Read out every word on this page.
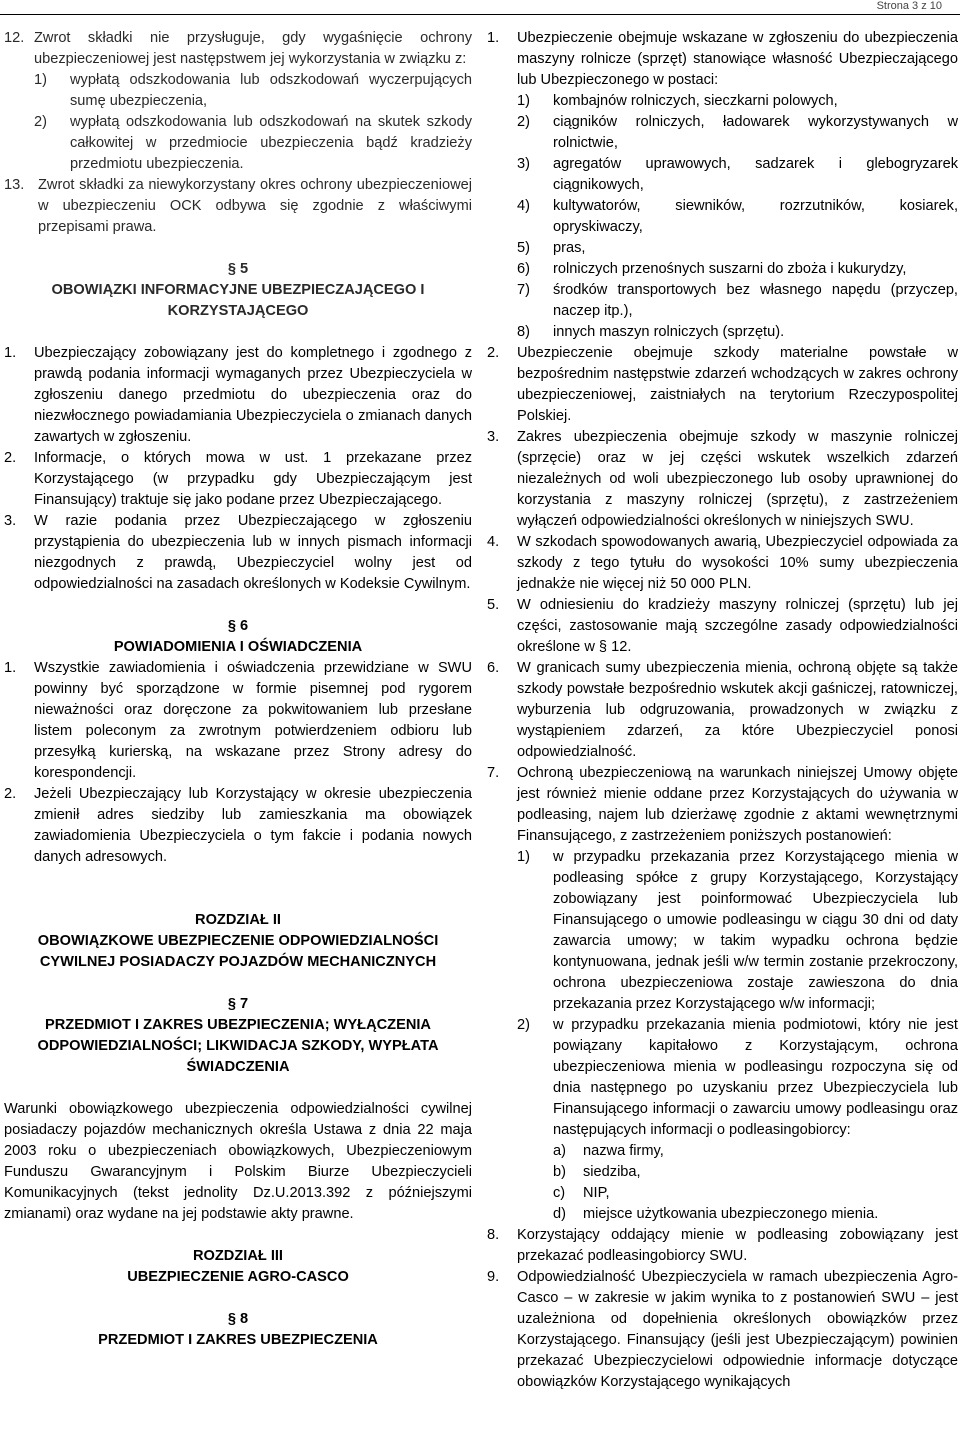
Strona 3 z 10
12. Zwrot składki nie przysługuje, gdy wygaśnięcie ochrony ubezpieczeniowej jest następstwem jej wykorzystania w związku z:
1) wypłatą odszkodowania lub odszkodowań wyczerpujących sumę ubezpieczenia,
2) wypłatą odszkodowania lub odszkodowań na skutek szkody całkowitej w przedmiocie ubezpieczenia bądź kradzieży przedmiotu ubezpieczenia.
13. Zwrot składki za niewykorzystany okres ochrony ubezpieczeniowej w ubezpieczeniu OCK odbywa się zgodnie z właściwymi przepisami prawa.
§ 5
OBOWIĄZKI INFORMACYJNE UBEZPIECZAJĄCEGO I KORZYSTAJĄCEGO
1. Ubezpieczający zobowiązany jest do kompletnego i zgodnego z prawdą podania informacji wymaganych przez Ubezpieczyciela w zgłoszeniu danego przedmiotu do ubezpieczenia oraz do niezwłocznego powiadamiania Ubezpieczyciela o zmianach danych zawartych w zgłoszeniu.
2. Informacje, o których mowa w ust. 1 przekazane przez Korzystającego (w przypadku gdy Ubezpieczającym jest Finansujący) traktuje się jako podane przez Ubezpieczającego.
3. W razie podania przez Ubezpieczającego w zgłoszeniu przystąpienia do ubezpieczenia lub w innych pismach informacji niezgodnych z prawdą, Ubezpieczyciel wolny jest od odpowiedzialności na zasadach określonych w Kodeksie Cywilnym.
§ 6
POWIADOMIENIA I OŚWIADCZENIA
1. Wszystkie zawiadomienia i oświadczenia przewidziane w SWU powinny być sporządzone w formie pisemnej pod rygorem nieważności oraz doręczone za pokwitowaniem lub przesłane listem poleconym za zwrotnym potwierdzeniem odbioru lub przesyłką kurierską, na wskazane przez Strony adresy do korespondencji.
2. Jeżeli Ubezpieczający lub Korzystający w okresie ubezpieczenia zmienił adres siedziby lub zamieszkania ma obowiązek zawiadomienia Ubezpieczyciela o tym fakcie i podania nowych danych adresowych.
ROZDZIAŁ II
OBOWIĄZKOWE UBEZPIECZENIE ODPOWIEDZIALNOŚCI CYWILNEJ POSIADACZY POJAZDÓW MECHANICZNYCH
§ 7
PRZEDMIOT I ZAKRES UBEZPIECZENIA; WYŁĄCZENIA ODPOWIEDZIALNOŚCI; LIKWIDACJA SZKODY, WYPŁATA ŚWIADCZENIA
Warunki obowiązkowego ubezpieczenia odpowiedzialności cywilnej posiadaczy pojazdów mechanicznych określa Ustawa z dnia 22 maja 2003 roku o ubezpieczeniach obowiązkowych, Ubezpieczeniowym Funduszu Gwarancyjnym i Polskim Biurze Ubezpieczycieli Komunikacyjnych (tekst jednolity Dz.U.2013.392 z późniejszymi zmianami) oraz wydane na jej podstawie akty prawne.
ROZDZIAŁ III
UBEZPIECZENIE AGRO-CASCO
§ 8
PRZEDMIOT I ZAKRES UBEZPIECZENIA
1. Ubezpieczenie obejmuje wskazane w zgłoszeniu do ubezpieczenia maszyny rolnicze (sprzęt) stanowiące własność Ubezpieczającego lub Ubezpieczonego w postaci:
1) kombajnów rolniczych, sieczkarni polowych,
2) ciągników rolniczych, ładowarek wykorzystywanych w rolnictwie,
3) agregatów uprawowych, sadzarek i glebogryzarek ciągnikowych,
4) kultywatorów, siewników, rozrzutników, kosiarek, opryskiwaczy,
5) pras,
6) rolniczych przenośnych suszarni do zboża i kukurydzy,
7) środków transportowych bez własnego napędu (przyczep, naczep itp.),
8) innych maszyn rolniczych (sprzętu).
2. Ubezpieczenie obejmuje szkody materialne powstałe w bezpośrednim następstwie zdarzeń wchodzących w zakres ochrony ubezpieczeniowej, zaistniałych na terytorium Rzeczypospolitej Polskiej.
3. Zakres ubezpieczenia obejmuje szkody w maszynie rolniczej (sprzęcie) oraz w jej części wskutek wszelkich zdarzeń niezależnych od woli ubezpieczonego lub osoby uprawnionej do korzystania z maszyny rolniczej (sprzętu), z zastrzeżeniem wyłączeń odpowiedzialności określonych w niniejszych SWU.
4. W szkodach spowodowanych awarią, Ubezpieczyciel odpowiada za szkody z tego tytułu do wysokości 10% sumy ubezpieczenia jednakże nie więcej niż 50 000 PLN.
5. W odniesieniu do kradzieży maszyny rolniczej (sprzętu) lub jej części, zastosowanie mają szczególne zasady odpowiedzialności określone w § 12.
6. W granicach sumy ubezpieczenia mienia, ochroną objęte są także szkody powstałe bezpośrednio wskutek akcji gaśniczej, ratowniczej, wyburzenia lub odgruzowania, prowadzonych w związku z wystąpieniem zdarzeń, za które Ubezpieczyciel ponosi odpowiedzialność.
7. Ochroną ubezpieczeniową na warunkach niniejszej Umowy objęte jest również mienie oddane przez Korzystających do używania w podleasing, najem lub dzierżawę zgodnie z aktami wewnętrznymi Finansującego, z zastrzeżeniem poniższych postanowień:
1) w przypadku przekazania przez Korzystającego mienia w podleasing spółce z grupy Korzystającego, Korzystający zobowiązany jest poinformować Ubezpieczyciela lub Finansującego o umowie podleasingu w ciągu 30 dni od daty zawarcia umowy; w takim wypadku ochrona będzie kontynuowana, jednak jeśli w/w termin zostanie przekroczony, ochrona ubezpieczeniowa zostaje zawieszona do dnia przekazania przez Korzystającego w/w informacji;
2) w przypadku przekazania mienia podmiotowi, który nie jest powiązany kapitałowo z Korzystającym, ochrona ubezpieczeniowa mienia w podleasingu rozpoczyna się od dnia następnego po uzyskaniu przez Ubezpieczyciela lub Finansującego informacji o zawarciu umowy podleasingu oraz następujących informacji o podleasingobiorcy:
a) nazwa firmy,
b) siedziba,
c) NIP,
d) miejsce użytkowania ubezpieczonego mienia.
8. Korzystający oddający mienie w podleasing zobowiązany jest przekazać podleasingobiorcy SWU.
9. Odpowiedzialność Ubezpieczyciela w ramach ubezpieczenia Agro-Casco – w zakresie w jakim wynika to z postanowień SWU – jest uzależniona od dopełnienia określonych obowiązków przez Korzystającego. Finansujący (jeśli jest Ubezpieczającym) powinien przekazać Ubezpieczycielowi odpowiednie informacje dotyczące obowiązków Korzystającego wynikających
